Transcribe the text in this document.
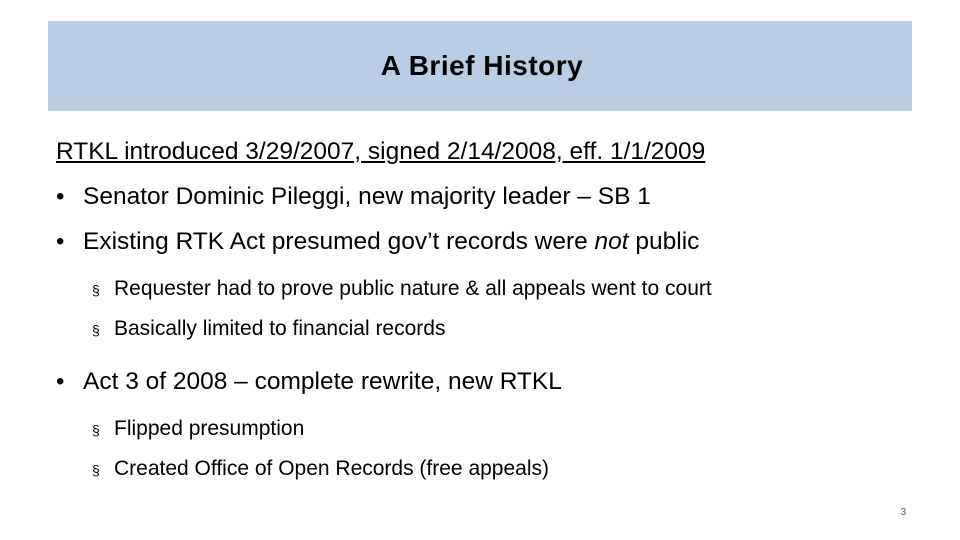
A Brief History
RTKL introduced 3/29/2007, signed 2/14/2008, eff. 1/1/2009
• Senator Dominic Pileggi, new majority leader – SB 1
• Existing RTK Act presumed gov’t records were not public
§ Requester had to prove public nature & all appeals went to court
§ Basically limited to financial records
• Act 3 of 2008 – complete rewrite, new RTKL
§ Flipped presumption
§ Created Office of Open Records (free appeals)
3
